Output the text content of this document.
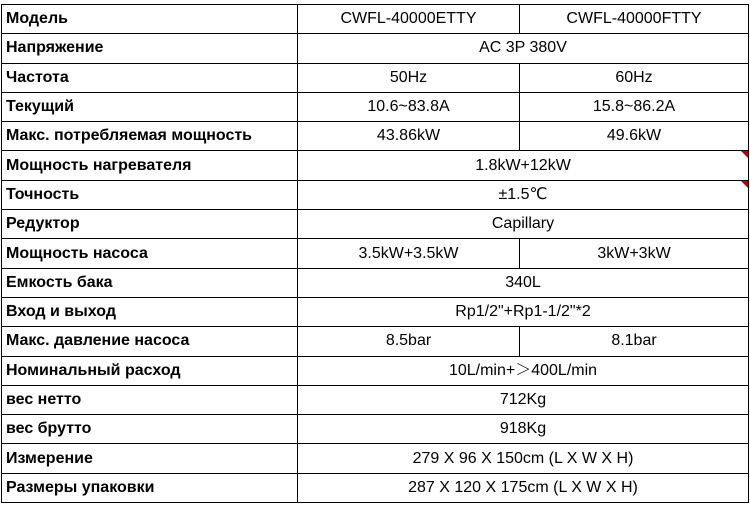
Модель	CWFL-40000ETTY	CWFL-40000FTTY
Напряжение	AC 3P 380V	
Частота	50Hz	60Hz
Текущий	10.6~83.8A	15.8~86.2A
Макс. потребляемая мощность	43.86kW	49.6kW
Мощность нагревателя	1.8kW+12kW	

Точность	±1.5℃	

Редуктор	Capillary	
Мощность насоса	3.5kW+3.5kW	3kW+3kW
Емкость бака	340L	
Вход и выход	Rp1/2"+Rp1-1/2"*2	
Макс. давление насоса	8.5bar	8.1bar
Номинальный расход	10L/min+＞400L/min	
вес нетто	712Kg	
вес брутто	918Kg	
Измерение	279 X 96 X 150cm (L X W X H)	
Размеры упаковки	287 X 120 X 175cm (L X W X H)	
